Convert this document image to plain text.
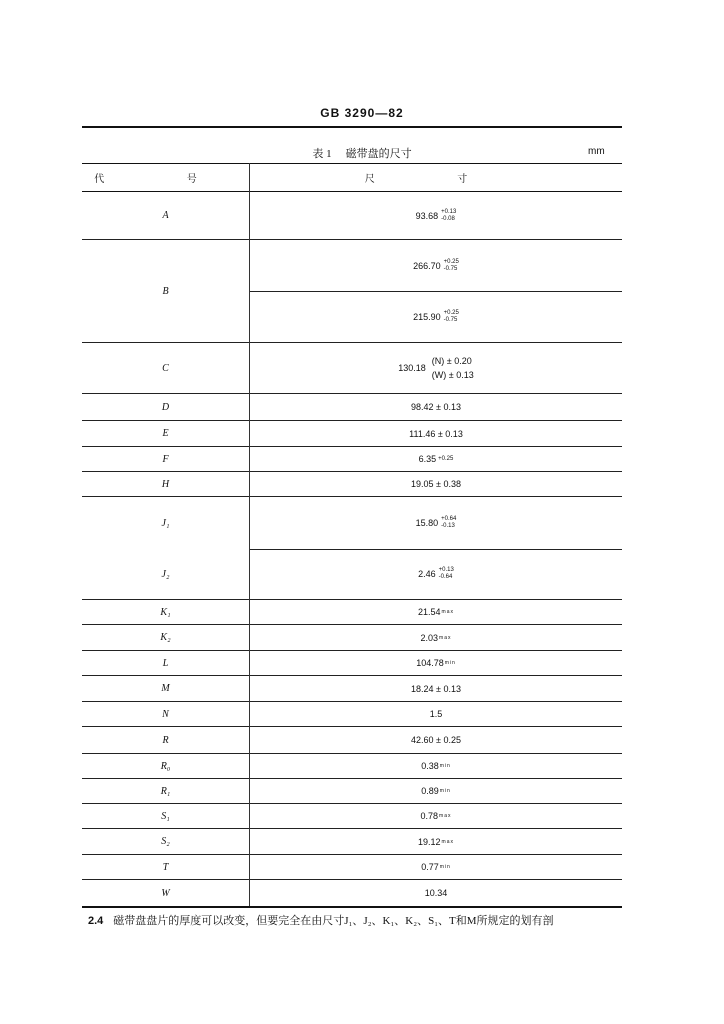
GB 3290—82
表 1 磁带盘的尺寸	mm
代 号	尺 寸
A	93.68 +0.13
-0.08
B
266.70 +0.25
-0.75
215.90 +0.25
-0.75
C	130.18
(N) ± 0.20
(W) ± 0.13
D	98.42 ± 0.13
E	111.46 ± 0.13
F	6.35 +0.25
H	19.05 ± 0.38
J₁	15.80 +0.64
-0.13
J₂	2.46 +0.13
-0.64
K₁	21.54 max
K₂	2.03 max
L	104.78 min
M	18.24 ± 0.13
N	1.5
R	42.60 ± 0.25
R₀	0.38 min
R₁	0.89 min
S₁	0.78 max
S₂	19.12 max
T	0.77 min
W	10.34
2.4 磁带盘盘片的厚度可以改变，但要完全在由尺寸J₁、J₂、K₁、K₂、S₁、T和M所规定的划有剖
